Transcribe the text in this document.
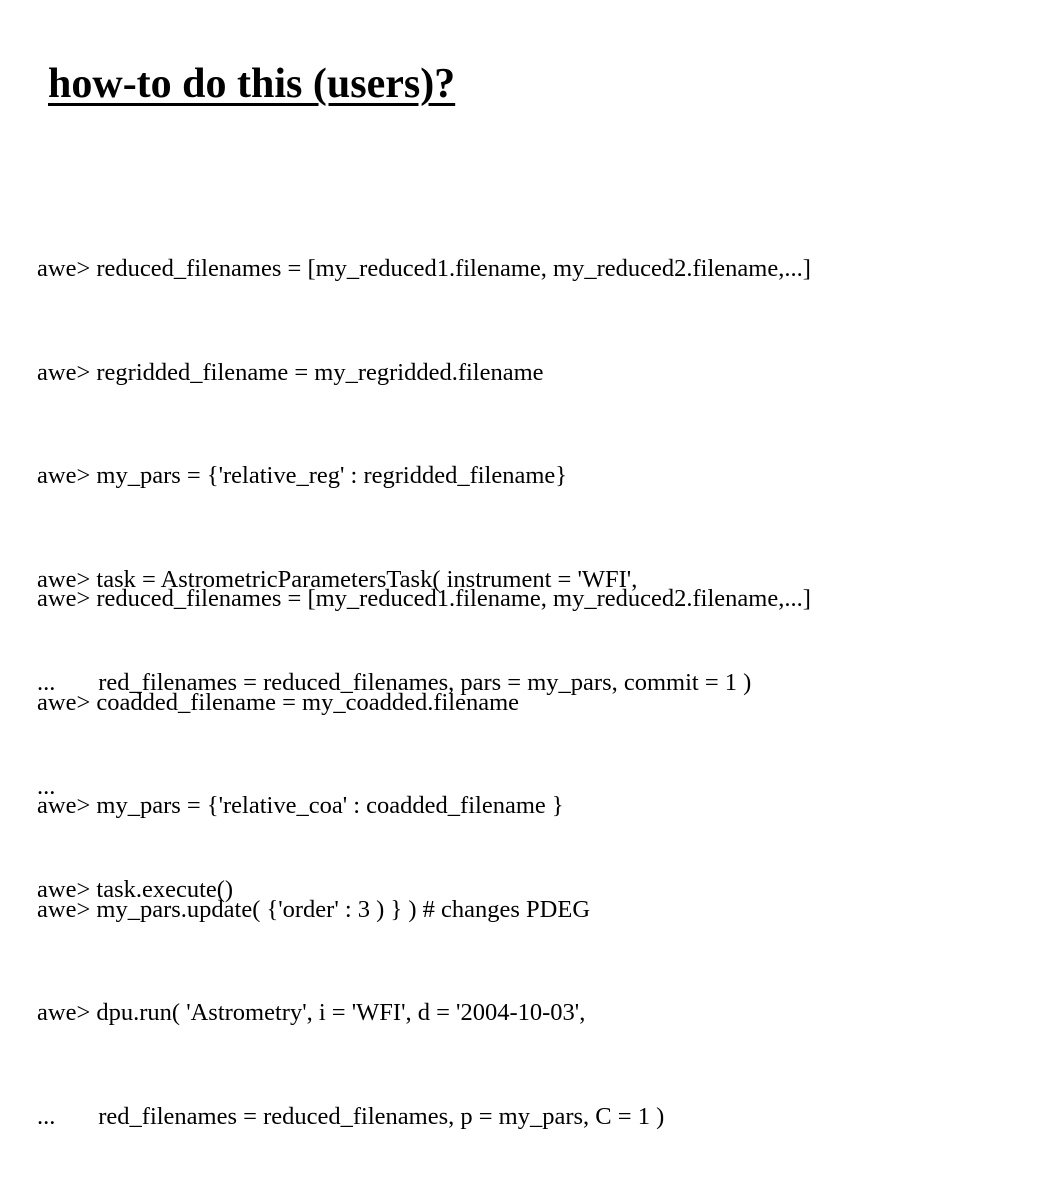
how-to do this (users)?

awe> reduced_filenames = [my_reduced1.filename, my_reduced2.filename,...]

awe> regridded_filename = my_regridded.filename

awe> my_pars = {'relative_reg' : regridded_filename}

awe> task = AstrometricParametersTask( instrument = 'WFI',

...       red_filenames = reduced_filenames, pars = my_pars, commit = 1 )

...

awe> task.execute()

awe> reduced_filenames = [my_reduced1.filename, my_reduced2.filename,...]

awe> coadded_filename = my_coadded.filename

awe> my_pars = {'relative_coa' : coadded_filename }

awe> my_pars.update( {'order' : 3 ) } ) # changes PDEG

awe> dpu.run( 'Astrometry', i = 'WFI', d = '2004-10-03',

...       red_filenames = reduced_filenames, p = my_pars, C = 1 )
